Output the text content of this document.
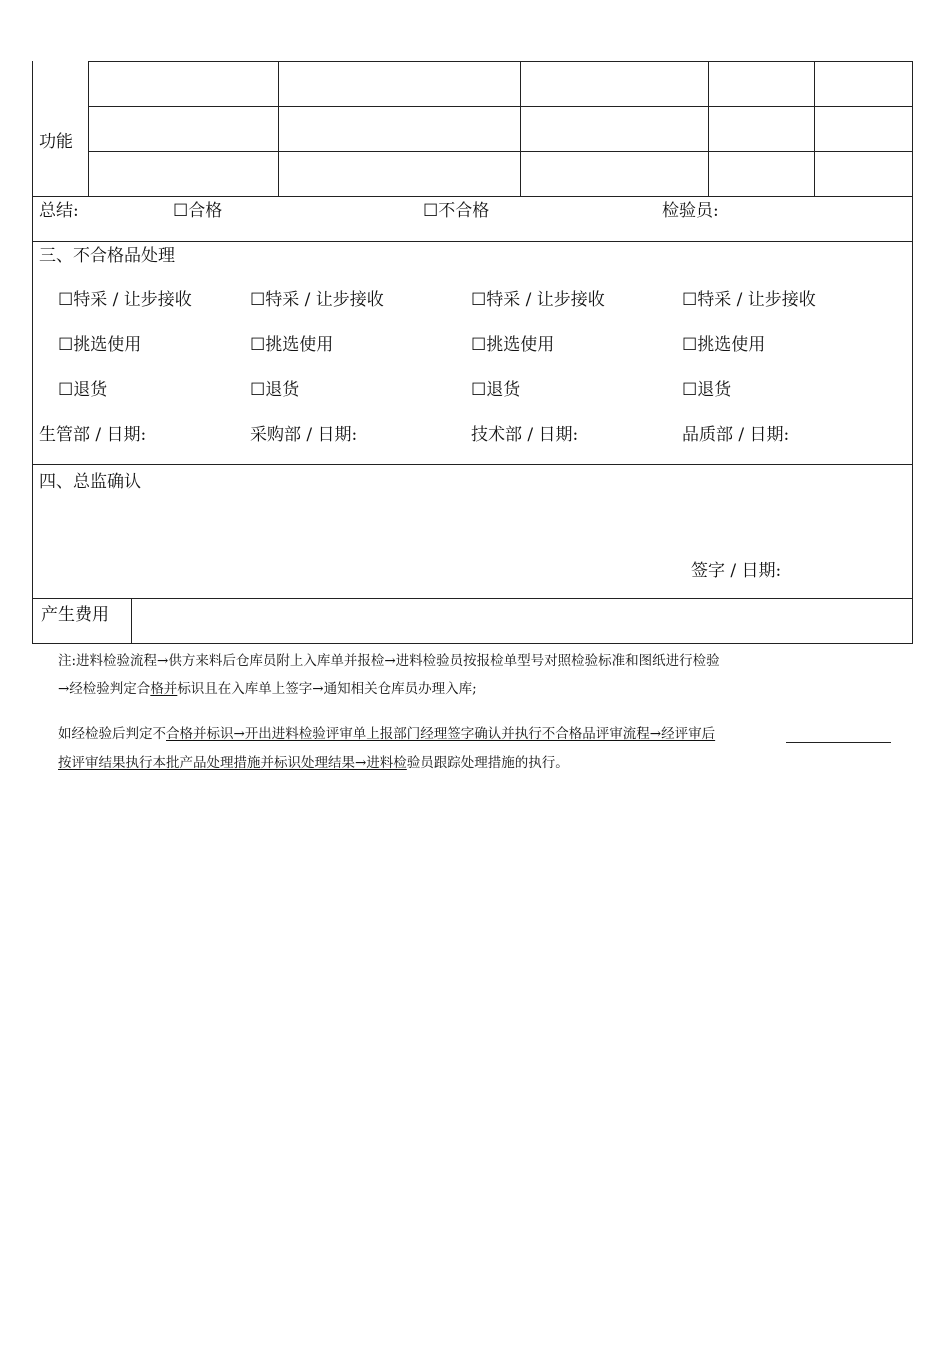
功能
总结:	☐合格	☐不合格	检验员:
三、不合格品处理
☐特采 / 让步接收	☐特采 / 让步接收	☐特采 / 让步接收	☐特采 / 让步接收
☐挑选使用	☐挑选使用	☐挑选使用	☐挑选使用
☐退货	☐退货	☐退货	☐退货
生管部 / 日期:	采购部 / 日期:	技术部 / 日期:	品质部 / 日期:
四、总监确认
签字 / 日期:
产生费用
注:进料检验流程→供方来料后仓库员附上入库单并报检→进料检验员按报检单型号对照检验标准和图纸进行检验
→经检验判定合格并标识且在入库单上签字→通知相关仓库员办理入库;
如经检验后判定不合格并标识→开出进料检验评审单上报部门经理签字确认并执行不合格品评审流程→经评审后
按评审结果执行本批产品处理措施并标识处理结果→进料检验员跟踪处理措施的执行。
